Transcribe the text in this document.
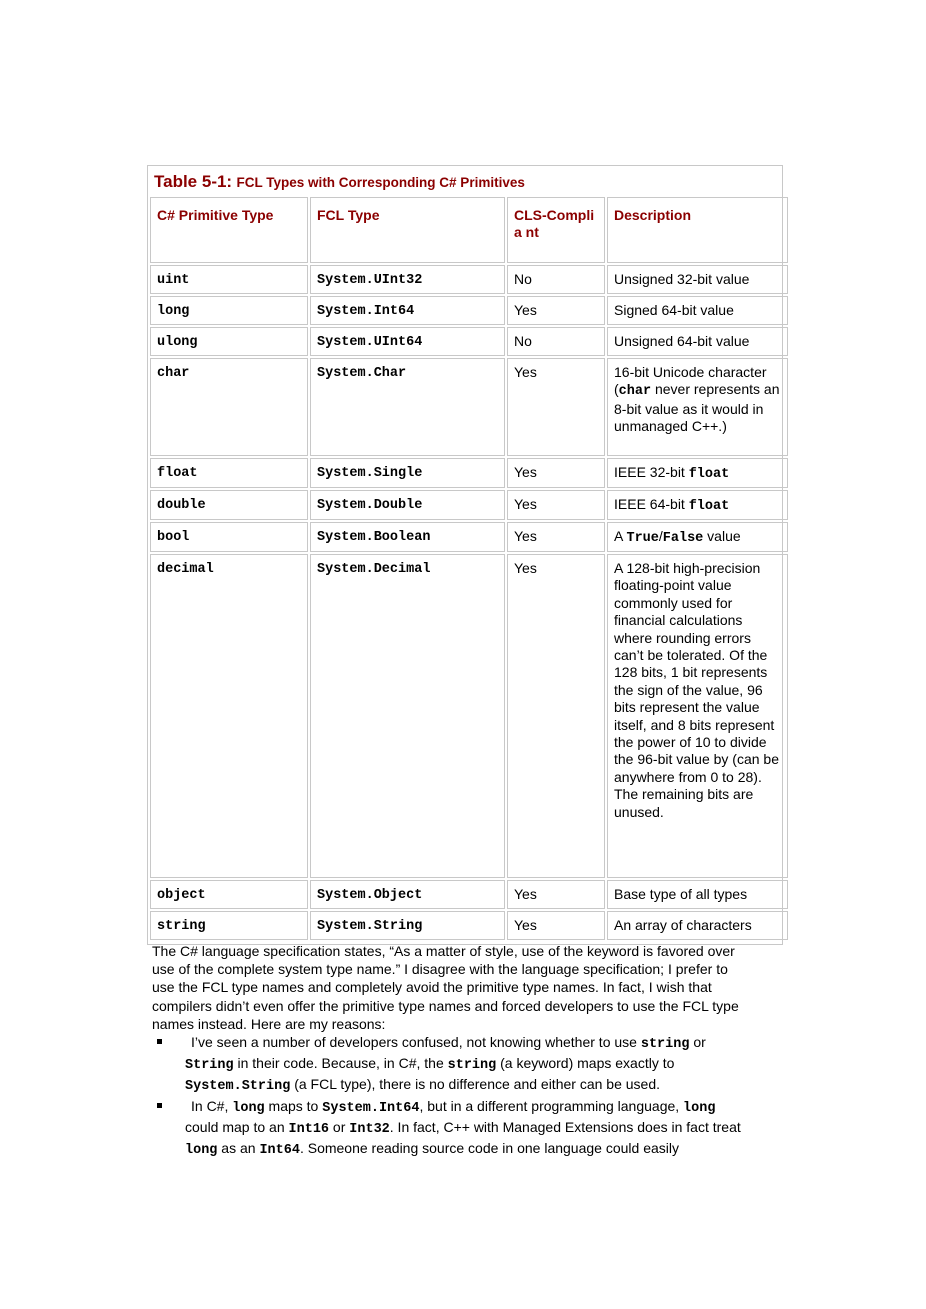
Table 5-1: FCL Types with Corresponding C# Primitives
C# Primitive Type	FCL Type	CLS-Complia nt	Description
uint	System.UInt32	No	Unsigned 32-bit value
long	System.Int64	Yes	Signed 64-bit value
ulong	System.UInt64	No	Unsigned 64-bit value
char	System.Char	Yes	16-bit Unicode character (char never represents an 8-bit value as it would in unmanaged C++.)
float	System.Single	Yes	IEEE 32-bit float
double	System.Double	Yes	IEEE 64-bit float
bool	System.Boolean	Yes	A True/False value
decimal	System.Decimal	Yes	A 128-bit high-precision floating-point value commonly used for financial calculations where rounding errors can’t be tolerated. Of the 128 bits, 1 bit represents the sign of the value, 96 bits represent the value itself, and 8 bits represent the power of 10 to divide the 96-bit value by (can be anywhere from 0 to 28). The remaining bits are unused.
object	System.Object	Yes	Base type of all types
string	System.String	Yes	An array of characters

The C# language specification states, “As a matter of style, use of the keyword is favored over use of the complete system type name.” I disagree with the language specification; I prefer to use the FCL type names and completely avoid the primitive type names. In fact, I wish that compilers didn’t even offer the primitive type names and forced developers to use the FCL type names instead. Here are my reasons:

I’ve seen a number of developers confused, not knowing whether to use string or String in their code. Because, in C#, the string (a keyword) maps exactly to System.String (a FCL type), there is no difference and either can be used.
In C#, long maps to System.Int64, but in a different programming language, long could map to an Int16 or Int32. In fact, C++ with Managed Extensions does in fact treat long as an Int64. Someone reading source code in one language could easily
